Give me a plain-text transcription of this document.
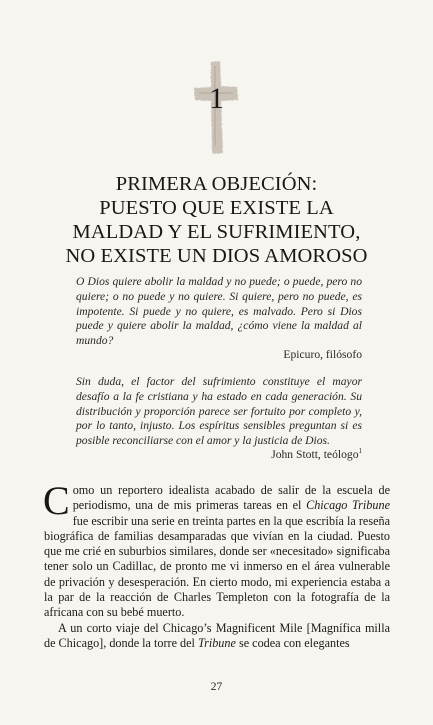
1
PRIMERA OBJECIÓN:
PUESTO QUE EXISTE LA
MALDAD Y EL SUFRIMIENTO,
NO EXISTE UN DIOS AMOROSO

O Dios quiere abolir la maldad y no puede; o puede, pero no quiere; o no puede y no quiere. Si quiere, pero no puede, es impotente. Si puede y no quiere, es malvado. Pero si Dios puede y quiere abolir la maldad, ¿cómo viene la maldad al mundo?

Epicuro, filósofo

Sin duda, el factor del sufrimiento constituye el mayor desafío a la fe cristiana y ha estado en cada generación. Su distribución y proporción parece ser fortuito por completo y, por lo tanto, injusto. Los espíritus sensibles preguntan si es posible reconciliarse con el amor y la justicia de Dios.

John Stott, teólogo$^1$

Como un reportero idealista acabado de salir de la escuela de periodismo, una de mis primeras tareas en el Chicago Tribune fue escribir una serie en treinta partes en la que escribía la reseña biográfica de familias desamparadas que vivían en la ciudad. Puesto que me crié en suburbios similares, donde ser «necesitado» significaba tener solo un Cadillac, de pronto me vi inmerso en el área vulnerable de privación y desesperación. En cierto modo, mi experiencia estaba a la par de la reacción de Charles Templeton con la fotografía de la africana con su bebé muerto.

A un corto viaje del Chicago’s Magnificent Mile [Magnífica milla de Chicago], donde la torre del Tribune se codea con elegantes

27
